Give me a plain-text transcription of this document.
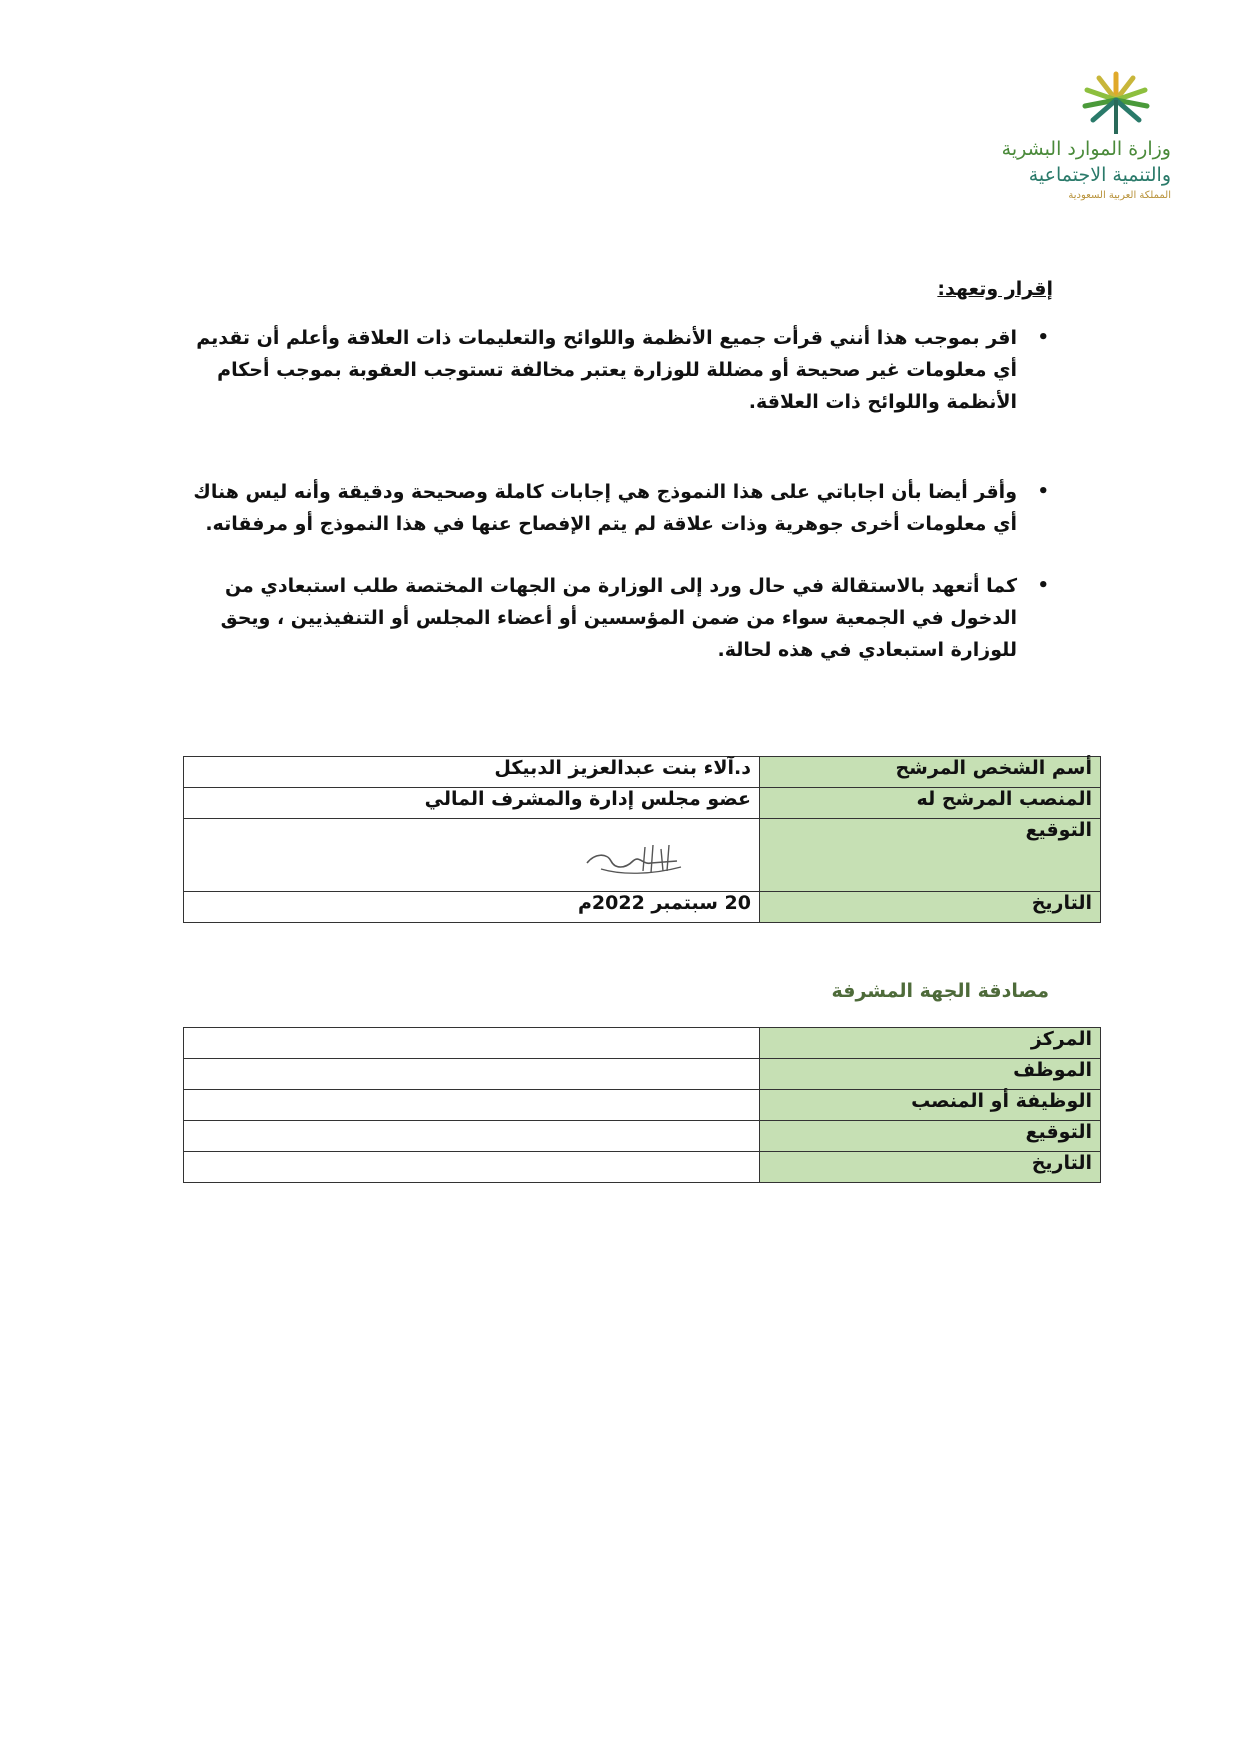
وزارة الموارد البشرية
والتنمية الاجتماعية
المملكة العربية السعودية
إقرار وتعهد:
•
اقر بموجب هذا أنني قرأت جميع الأنظمة واللوائح والتعليمات ذات العلاقة وأعلم أن تقديم أي معلومات غير صحيحة أو مضللة للوزارة يعتبر مخالفة تستوجب العقوبة بموجب أحكام الأنظمة واللوائح ذات العلاقة.
•
وأقر أيضا بأن اجاباتي على هذا النموذج هي إجابات كاملة وصحيحة ودقيقة وأنه ليس هناك أي معلومات أخرى جوهرية وذات علاقة لم يتم الإفصاح عنها في هذا النموذج أو مرفقاته.
•
كما أتعهد بالاستقالة في حال ورد إلى الوزارة من الجهات المختصة طلب استبعادي من الدخول في الجمعية سواء من ضمن المؤسسين أو أعضاء المجلس أو التنفيذيين ، ويحق للوزارة استبعادي في هذه لحالة.
أسم الشخص المرشح	د.آلاء بنت عبدالعزيز الدبيكل
المنصب المرشح له	عضو مجلس إدارة والمشرف المالي
التوقيع	

التاريخ	20 سبتمبر 2022م
مصادقة الجهة المشرفة
المركز	
الموظف	
الوظيفة أو المنصب	
التوقيع	
التاريخ	
